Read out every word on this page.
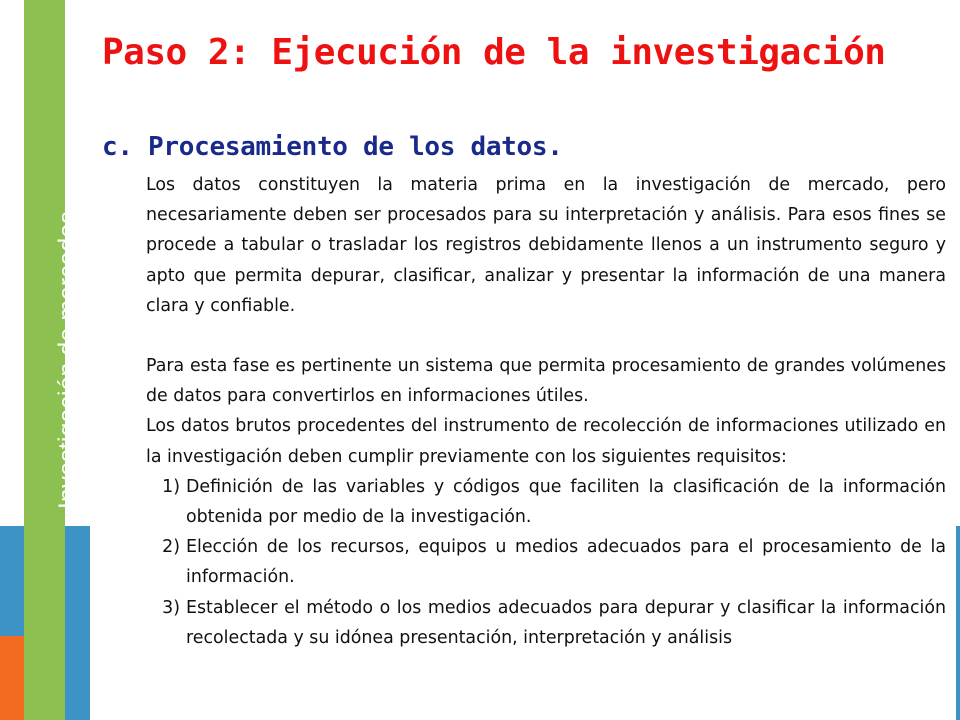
Investigación de mercados
Paso 2: Ejecución de la investigación
c. Procesamiento de los datos.

Los datos constituyen la materia prima en la investigación de mercado, pero necesariamente deben ser procesados para su interpretación y análisis. Para esos fines se procede a tabular o trasladar los registros debidamente llenos a un instrumento seguro y apto que permita depurar, clasificar, analizar y presentar la información de una manera clara y confiable.

Para esta fase es pertinente un sistema que permita procesamiento de grandes volúmenes de datos para convertirlos en informaciones útiles.

Los datos brutos procedentes del instrumento de recolección de informaciones utilizado en la investigación deben cumplir previamente con los siguientes requisitos:

1) Definición de las variables y códigos que faciliten la clasificación de la información obtenida por medio de la investigación.
2) Elección de los recursos, equipos u medios adecuados para el procesamiento de la información.
3) Establecer el método o los medios adecuados para depurar y clasificar la información recolectada y su idónea presentación, interpretación y análisis
20
